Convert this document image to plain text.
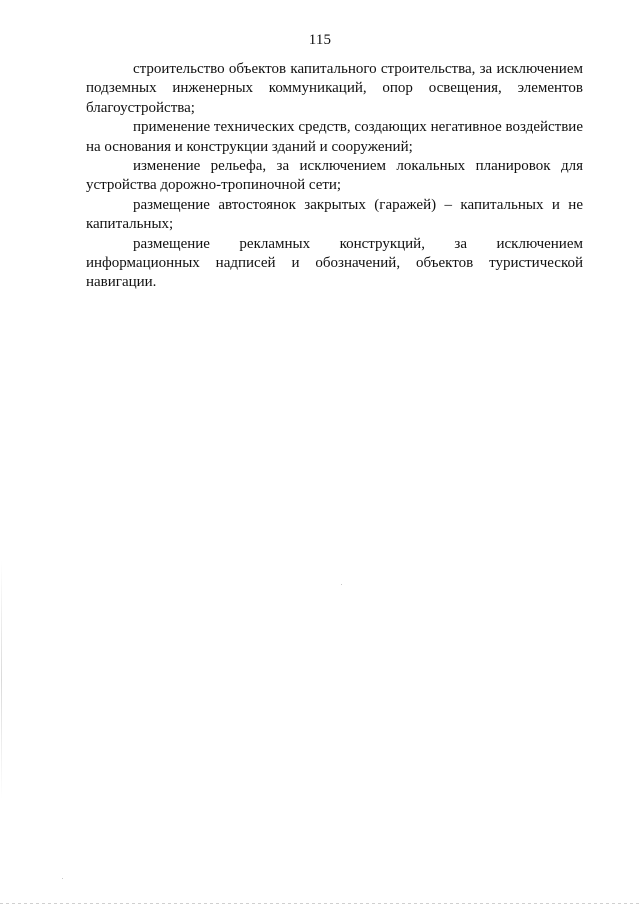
115

строительство объектов капитального строительства, за исключением подземных инженерных коммуникаций, опор освещения, элементов благоустройства;

применение технических средств, создающих негативное воздействие на основания и конструкции зданий и сооружений;

изменение рельефа, за исключением локальных планировок для устройства дорожно-тропиночной сети;

размещение автостоянок закрытых (гаражей) – капитальных и не капитальных;

размещение рекламных конструкций, за исключением информационных надписей и обозначений, объектов туристической навигации.
